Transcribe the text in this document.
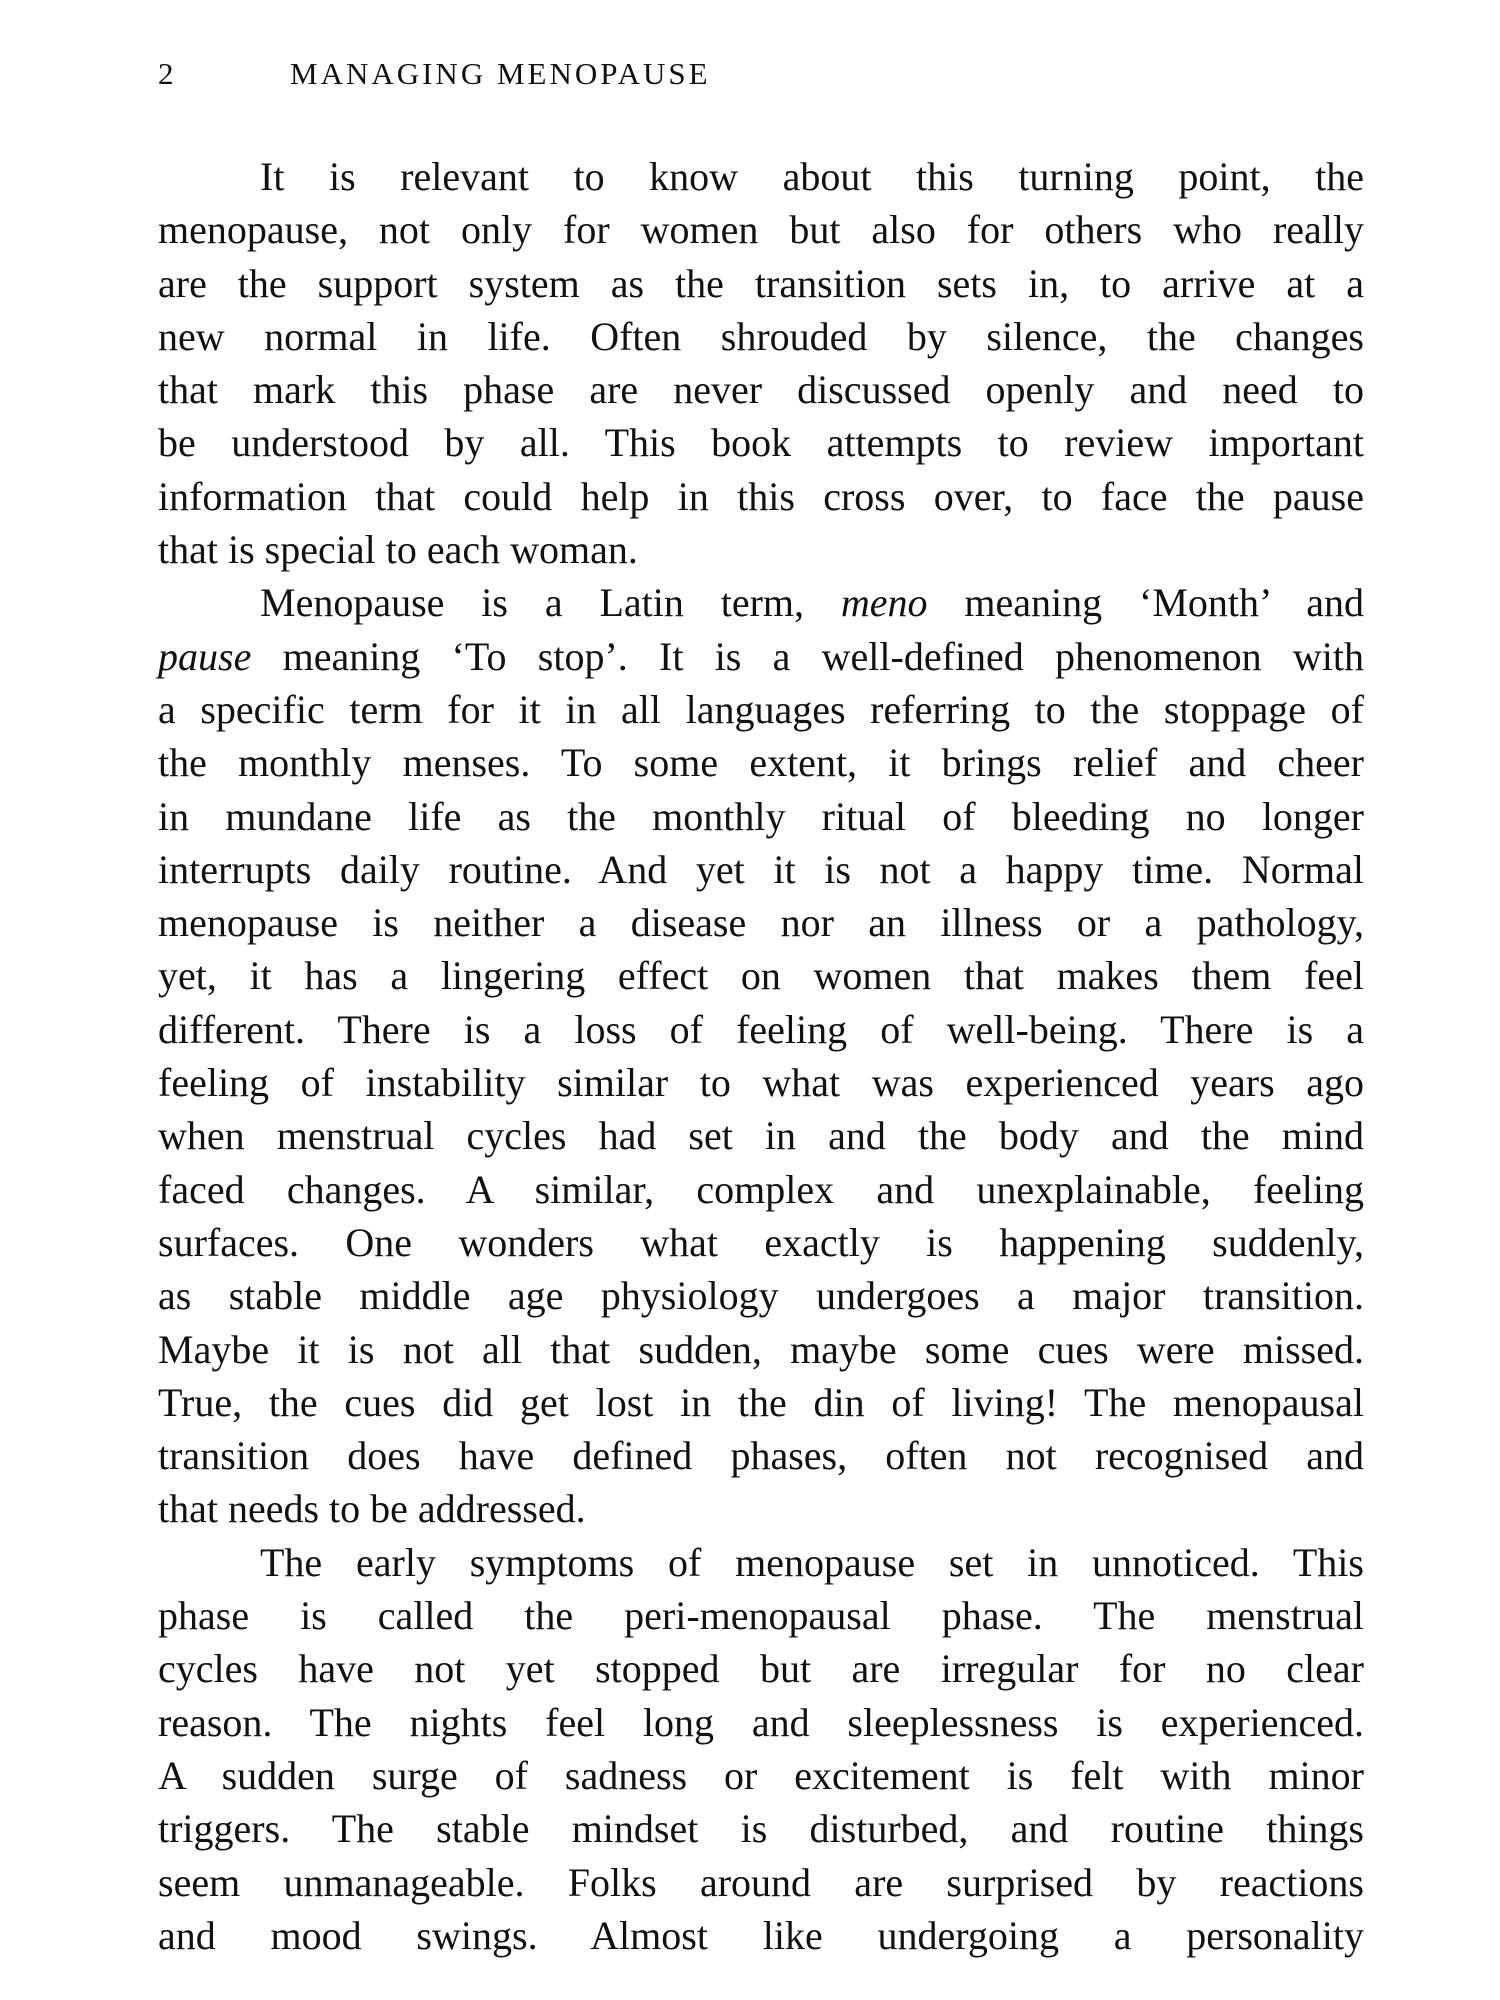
2	MANAGING MENOPAUSE
It is relevant to know about this turning point, the
menopause, not only for women but also for others who really
are the support system as the transition sets in, to arrive at a
new normal in life. Often shrouded by silence, the changes
that mark this phase are never discussed openly and need to
be understood by all. This book attempts to review important
information that could help in this cross over, to face the pause
that is special to each woman.
Menopause is a Latin term, meno meaning ‘Month’ and
pause meaning ‘To stop’. It is a well-defined phenomenon with
a specific term for it in all languages referring to the stoppage of
the monthly menses. To some extent, it brings relief and cheer
in mundane life as the monthly ritual of bleeding no longer
interrupts daily routine. And yet it is not a happy time. Normal
menopause is neither a disease nor an illness or a pathology,
yet, it has a lingering effect on women that makes them feel
different. There is a loss of feeling of well-being. There is a
feeling of instability similar to what was experienced years ago
when menstrual cycles had set in and the body and the mind
faced changes. A similar, complex and unexplainable, feeling
surfaces. One wonders what exactly is happening suddenly,
as stable middle age physiology undergoes a major transition.
Maybe it is not all that sudden, maybe some cues were missed.
True, the cues did get lost in the din of living! The menopausal
transition does have defined phases, often not recognised and
that needs to be addressed.
The early symptoms of menopause set in unnoticed. This
phase is called the peri-menopausal phase. The menstrual
cycles have not yet stopped but are irregular for no clear
reason. The nights feel long and sleeplessness is experienced.
A sudden surge of sadness or excitement is felt with minor
triggers. The stable mindset is disturbed, and routine things
seem unmanageable. Folks around are surprised by reactions
and mood swings. Almost like undergoing a personality
